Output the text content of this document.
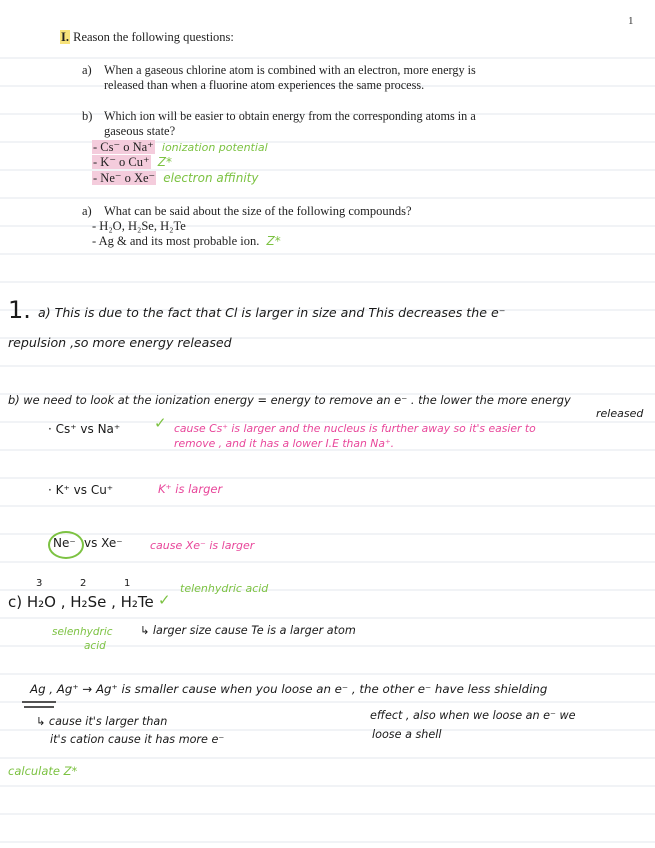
1
I. Reason the following questions:
a) When a gaseous chlorine atom is combined with an electron, more energy is
released than when a fluorine atom experiences the same process.
b) Which ion will be easier to obtain energy from the corresponding atoms in a
gaseous state?
- Cs⁻ o Na⁺ ionization potential
- K⁻ o Cu⁺ Z*
- Ne⁻ o Xe⁻ electron affinity
a) What can be said about the size of the following compounds?
- H₂O, H₂Se, H₂Te
- Ag & and its most probable ion. Z*
1. a) This is due to the fact that Cl is larger in size and This decreases the e⁻
repulsion ,so more energy released
b) we need to look at the ionization energy = energy to remove an e⁻ . the lower the more energy
released
· Cs⁺ vs Na⁺ ✓ cause Cs⁺ is larger and the nucleus is further away so it's easier to
remove , and it has a lower I.E than Na⁺.
· K⁺ vs Cu⁺	K⁺ is larger
Ne⁻ vs Xe⁻ cause Xe⁻ is larger
3	2	1
c) H₂O , H₂Se , H₂Te ✓
telenhydric acid
selenhydric
acid
↳ larger size cause Te is a larger atom
Ag , Ag⁺ → Ag⁺ is smaller cause when you loose an e⁻ , the other e⁻ have less shielding
↳ cause it's larger than
it's cation cause it has more e⁻
effect , also when we loose an e⁻ we
loose a shell
calculate Z*
